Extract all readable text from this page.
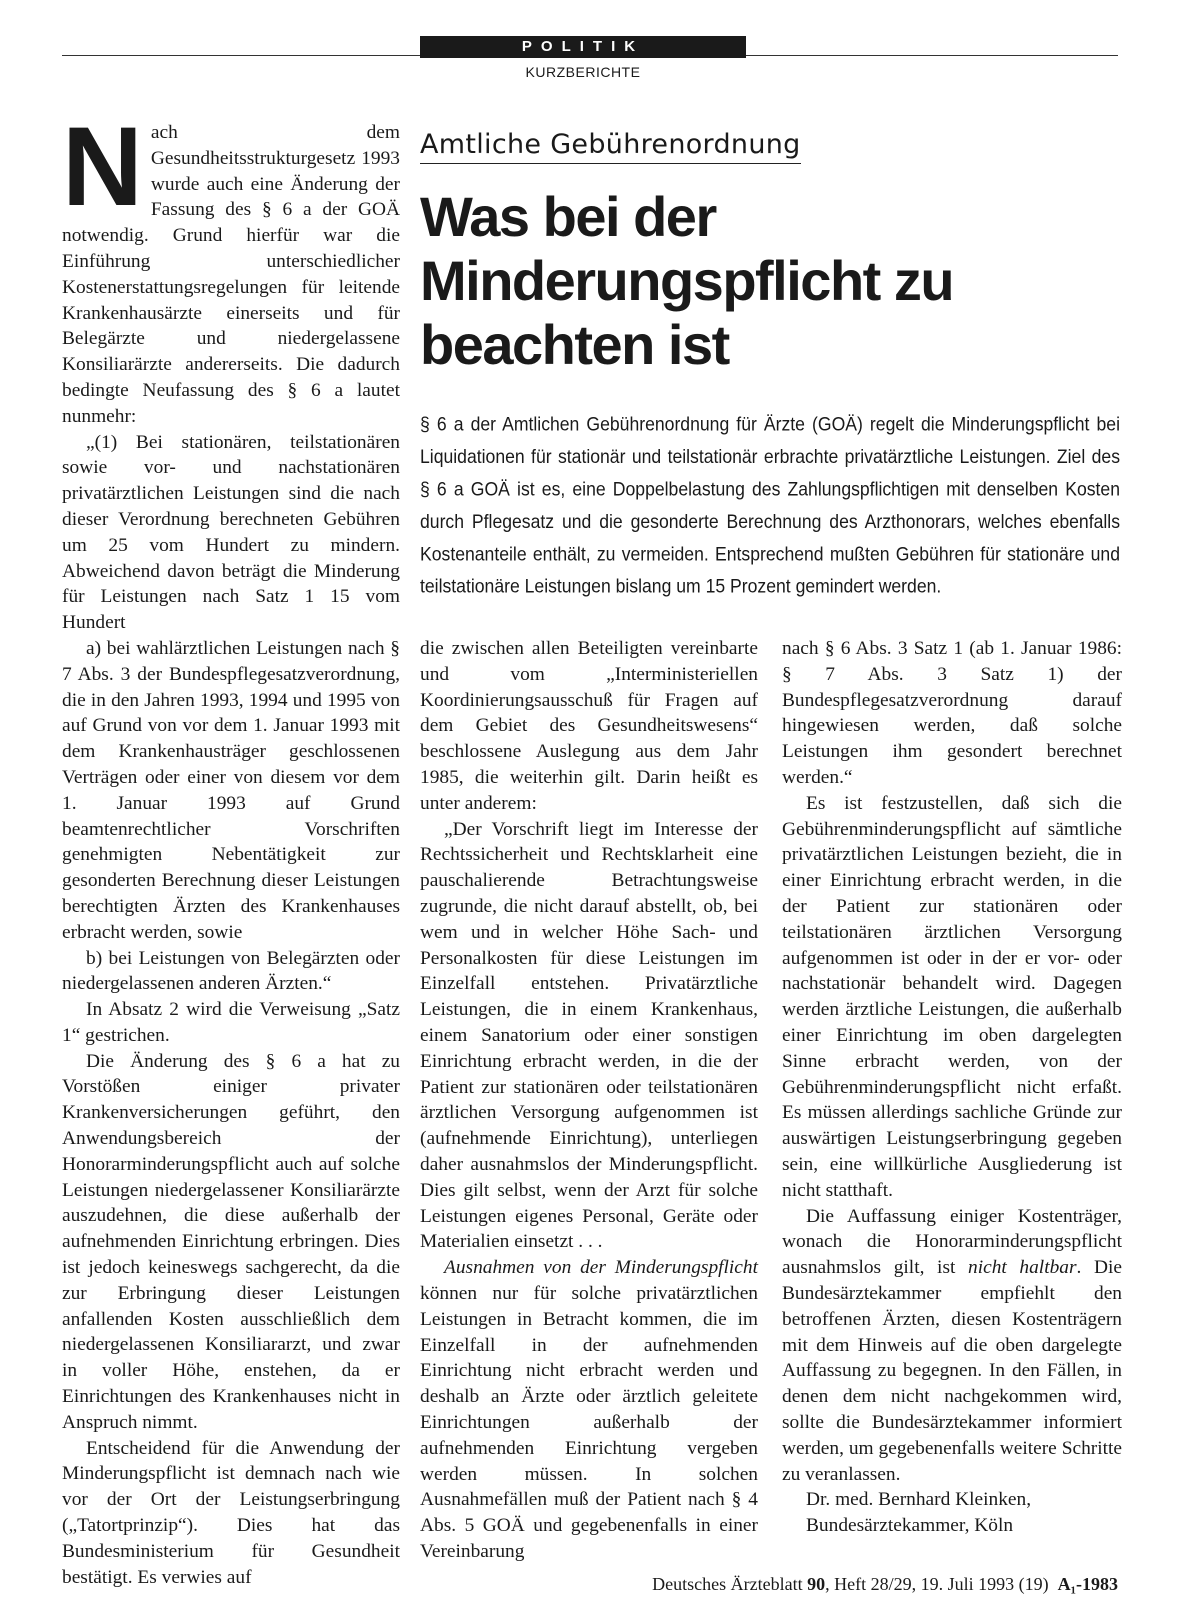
POLITIK
KURZBERICHTE

Nach dem Gesundheitsstrukturgesetz 1993 wurde auch eine Änderung der Fassung des § 6 a der GOÄ notwendig. Grund hierfür war die Einführung unterschiedlicher Kostenerstattungsregelungen für leitende Krankenhausärzte einerseits und für Belegärzte und niedergelassene Konsiliarärzte andererseits. Die dadurch bedingte Neufassung des § 6 a lautet nunmehr:

„(1) Bei stationären, teilstationären sowie vor- und nachstationären privatärztlichen Leistungen sind die nach dieser Verordnung berechneten Gebühren um 25 vom Hundert zu mindern. Abweichend davon beträgt die Minderung für Leistungen nach Satz 1 15 vom Hundert

a) bei wahlärztlichen Leistungen nach § 7 Abs. 3 der Bundespflegesatzverordnung, die in den Jahren 1993, 1994 und 1995 von auf Grund von vor dem 1. Januar 1993 mit dem Krankenhausträger geschlossenen Verträgen oder einer von diesem vor dem 1. Januar 1993 auf Grund beamtenrechtlicher Vorschriften genehmigten Nebentätigkeit zur gesonderten Berechnung dieser Leistungen berechtigten Ärzten des Krankenhauses erbracht werden, sowie

b) bei Leistungen von Belegärzten oder niedergelassenen anderen Ärzten.“

In Absatz 2 wird die Verweisung „Satz 1“ gestrichen.

Die Änderung des § 6 a hat zu Vorstößen einiger privater Krankenversicherungen geführt, den Anwendungsbereich der Honorarminderungspflicht auch auf solche Leistungen niedergelassener Konsiliarärzte auszudehnen, die diese außerhalb der aufnehmenden Einrichtung erbringen. Dies ist jedoch keineswegs sachgerecht, da die zur Erbringung dieser Leistungen anfallenden Kosten ausschließlich dem niedergelassenen Konsiliararzt, und zwar in voller Höhe, enstehen, da er Einrichtungen des Krankenhauses nicht in Anspruch nimmt.

Entscheidend für die Anwendung der Minderungspflicht ist demnach nach wie vor der Ort der Leistungserbringung („Tatortprinzip“). Dies hat das Bundesministerium für Gesundheit bestätigt. Es verwies auf

Amtliche Gebührenordnung
Was bei der Minderungspflicht zu beachten ist
§ 6 a der Amtlichen Gebührenordnung für Ärzte (GOÄ) regelt die Minderungspflicht bei Liquidationen für stationär und teilstationär erbrachte privatärztliche Leistungen. Ziel des § 6 a GOÄ ist es, eine Doppelbelastung des Zahlungspflichtigen mit denselben Kosten durch Pflegesatz und die gesonderte Berechnung des Arzthonorars, welches ebenfalls Kostenanteile enthält, zu vermeiden. Entsprechend mußten Gebühren für stationäre und teilstationäre Leistungen bislang um 15 Prozent gemindert werden.

die zwischen allen Beteiligten vereinbarte und vom „Interministeriellen Koordinierungsausschuß für Fragen auf dem Gebiet des Gesundheitswesens“ beschlossene Auslegung aus dem Jahr 1985, die weiterhin gilt. Darin heißt es unter anderem:

„Der Vorschrift liegt im Interesse der Rechtssicherheit und Rechtsklarheit eine pauschalierende Betrachtungsweise zugrunde, die nicht darauf abstellt, ob, bei wem und in welcher Höhe Sach- und Personalkosten für diese Leistungen im Einzelfall entstehen. Privatärztliche Leistungen, die in einem Krankenhaus, einem Sanatorium oder einer sonstigen Einrichtung erbracht werden, in die der Patient zur stationären oder teilstationären ärztlichen Versorgung aufgenommen ist (aufnehmende Einrichtung), unterliegen daher ausnahmslos der Minderungspflicht. Dies gilt selbst, wenn der Arzt für solche Leistungen eigenes Personal, Geräte oder Materialien einsetzt . . .

Ausnahmen von der Minderungspflicht können nur für solche privatärztlichen Leistungen in Betracht kommen, die im Einzelfall in der aufnehmenden Einrichtung nicht erbracht werden und deshalb an Ärzte oder ärztlich geleitete Einrichtungen außerhalb der aufnehmenden Einrichtung vergeben werden müssen. In solchen Ausnahmefällen muß der Patient nach § 4 Abs. 5 GOÄ und gegebenenfalls in einer Vereinbarung

nach § 6 Abs. 3 Satz 1 (ab 1. Januar 1986: § 7 Abs. 3 Satz 1) der Bundespflegesatzverordnung darauf hingewiesen werden, daß solche Leistungen ihm gesondert berechnet werden.“

Es ist festzustellen, daß sich die Gebührenminderungspflicht auf sämtliche privatärztlichen Leistungen bezieht, die in einer Einrichtung erbracht werden, in die der Patient zur stationären oder teilstationären ärztlichen Versorgung aufgenommen ist oder in der er vor- oder nachstationär behandelt wird. Dagegen werden ärztliche Leistungen, die außerhalb einer Einrichtung im oben dargelegten Sinne erbracht werden, von der Gebührenminderungspflicht nicht erfaßt. Es müssen allerdings sachliche Gründe zur auswärtigen Leistungserbringung gegeben sein, eine willkürliche Ausgliederung ist nicht statthaft.

Die Auffassung einiger Kostenträger, wonach die Honorarminderungspflicht ausnahmslos gilt, ist nicht haltbar. Die Bundesärztekammer empfiehlt den betroffenen Ärzten, diesen Kostenträgern mit dem Hinweis auf die oben dargelegte Auffassung zu begegnen. In den Fällen, in denen dem nicht nachgekommen wird, sollte die Bundesärztekammer informiert werden, um gegebenenfalls weitere Schritte zu veranlassen.

Dr. med. Bernhard Kleinken,

Bundesärztekammer, Köln

Deutsches Ärzteblatt 90, Heft 28/29, 19. Juli 1993 (19) A₁-1983
